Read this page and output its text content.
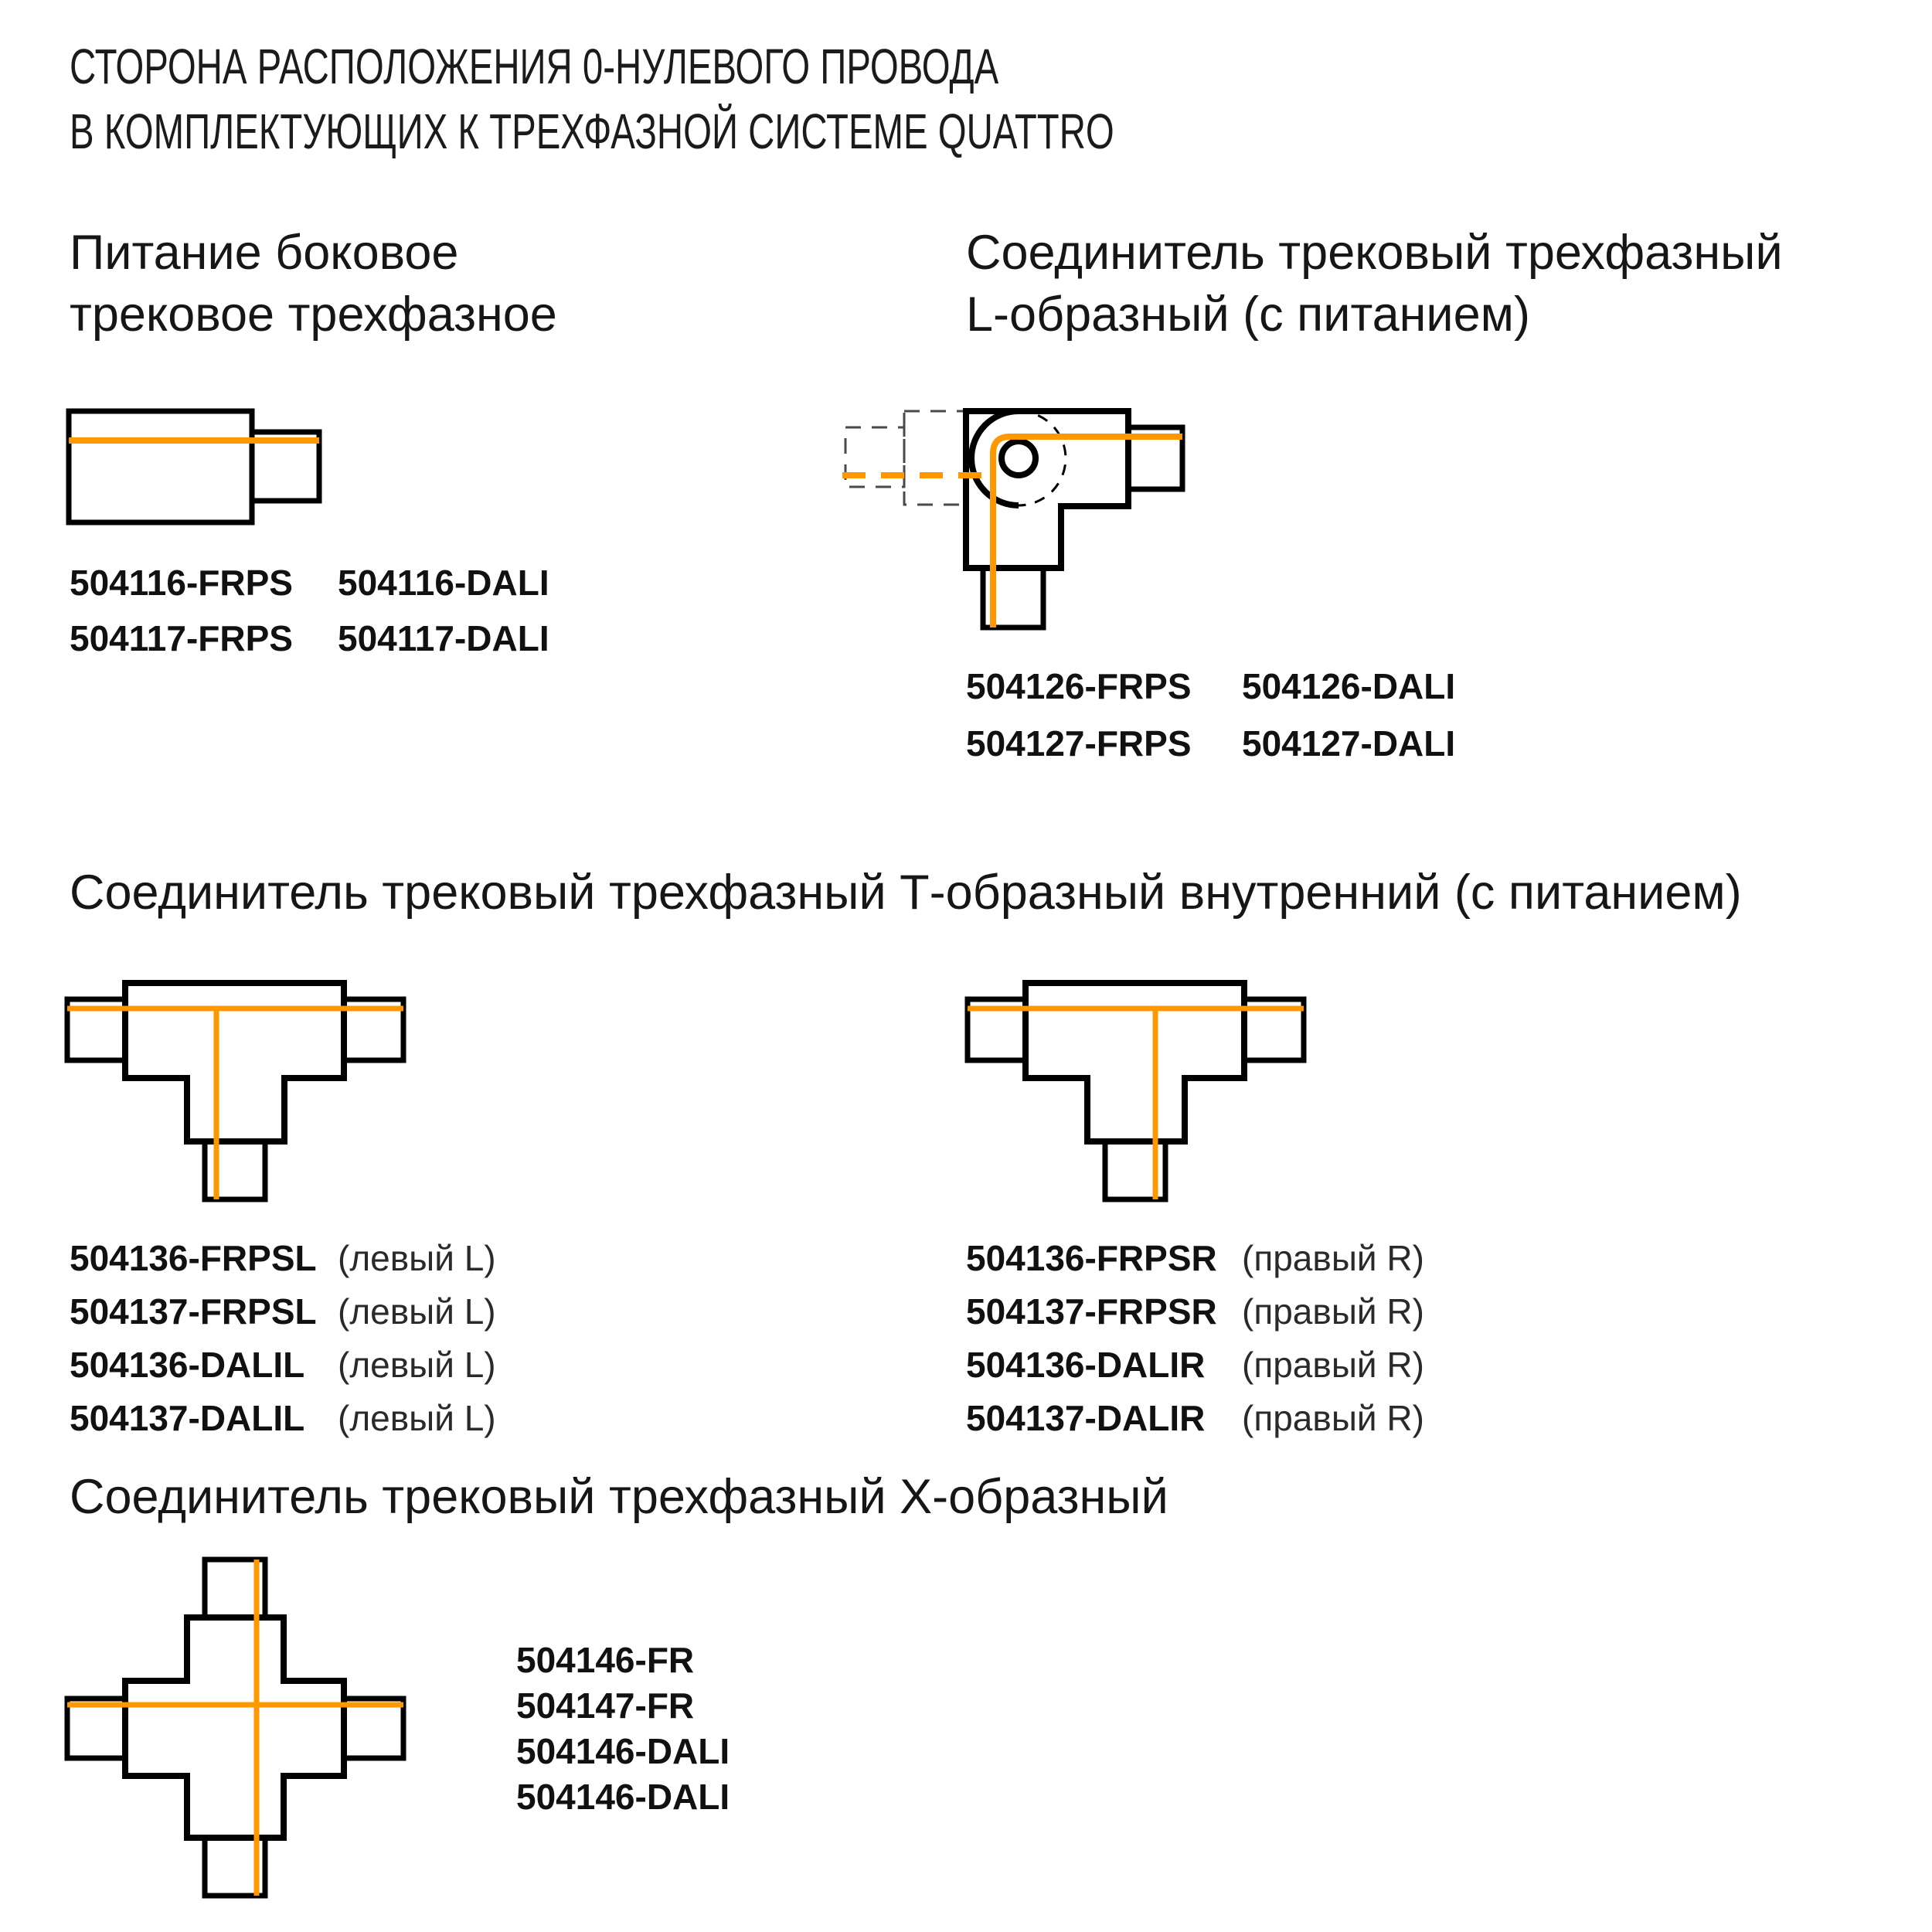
СТОРОНА РАСПОЛОЖЕНИЯ 0-НУЛЕВОГО ПРОВОДА
В КОМПЛЕКТУЮЩИХ К ТРЕХФАЗНОЙ СИСТЕМЕ QUATTRO
Питание боковое
трековое трехфазное
Соединитель трековый трехфазный
L-образный (с питанием)
504116-FRPS
504117-FRPS
504116-DALI
504117-DALI
504126-FRPS
504127-FRPS
504126-DALI
504127-DALI
Соединитель трековый трехфазный Т-образный внутренний (с питанием)
504136-FRPSL
504137-FRPSL
504136-DALIL
504137-DALIL
(левый L)
(левый L)
(левый L)
(левый L)
504136-FRPSR
504137-FRPSR
504136-DALIR
504137-DALIR
(правый R)
(правый R)
(правый R)
(правый R)
Соединитель трековый трехфазный Х-образный
504146-FR
504147-FR
504146-DALI
504146-DALI
